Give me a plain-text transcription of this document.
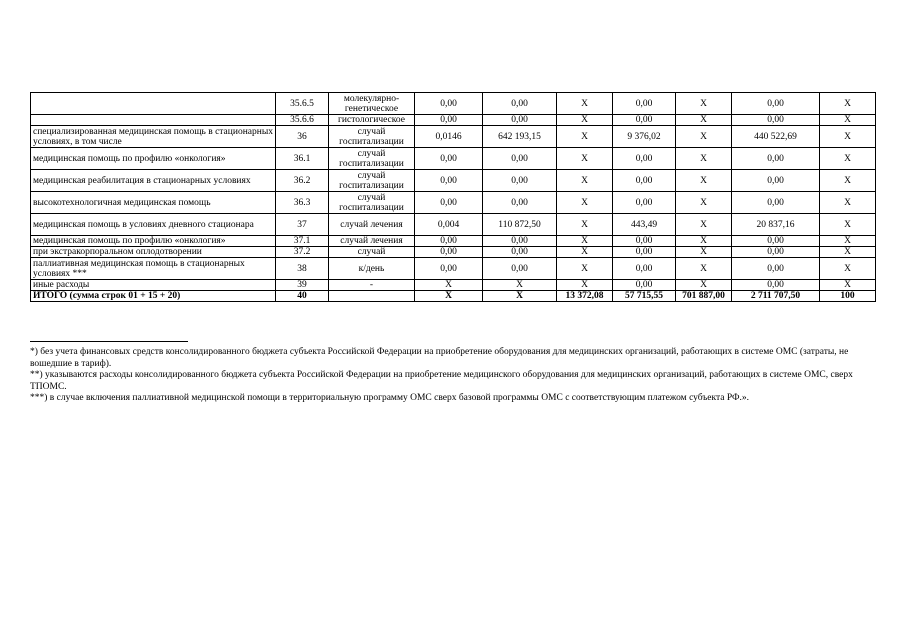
	35.6.5	молекулярно-генетическое	0,00	0,00	X	0,00	X	0,00	X
	35.6.6	гистологическое	0,00	0,00	X	0,00	X	0,00	X
специализированная медицинская помощь в стационарных условиях, в том числе	36	случай госпитализации	0,0146	642 193,15	X	9 376,02	X	440 522,69	X
медицинская помощь по профилю «онкология»	36.1	случай госпитализации	0,00	0,00	X	0,00	X	0,00	X
медицинская реабилитация в стационарных условиях	36.2	случай госпитализации	0,00	0,00	X	0,00	X	0,00	X
высокотехнологичная медицинская помощь	36.3	случай госпитализации	0,00	0,00	X	0,00	X	0,00	X
медицинская помощь в условиях дневного стационара	37	случай лечения	0,004	110 872,50	X	443,49	X	20 837,16	X
медицинская помощь по профилю «онкология»	37.1	случай лечения	0,00	0,00	X	0,00	X	0,00	X
при экстракорпоральном оплодотворении	37.2	случай	0,00	0,00	X	0,00	X	0,00	X
паллиативная медицинская помощь в стационарных условиях ***	38	к/день	0,00	0,00	X	0,00	X	0,00	X
иные расходы	39	-	X	X	X	0,00	X	0,00	X
ИТОГО (сумма строк 01 + 15 + 20)	40		X	X	13 372,08	57 715,55	701 887,00	2 711 707,50	100

*) без учета финансовых средств консолидированного бюджета субъекта Российской Федерации на приобретение оборудования для медицинских организаций, работающих в системе ОМС (затраты, не вошедшие в тариф).

**) указываются расходы консолидированного бюджета субъекта Российской Федерации на приобретение медицинского оборудования для медицинских организаций, работающих в системе ОМС, сверх ТПОМС.

***) в случае включения паллиативной медицинской помощи в территориальную программу ОМС сверх базовой программы ОМС с соответствующим платежом субъекта РФ.».
